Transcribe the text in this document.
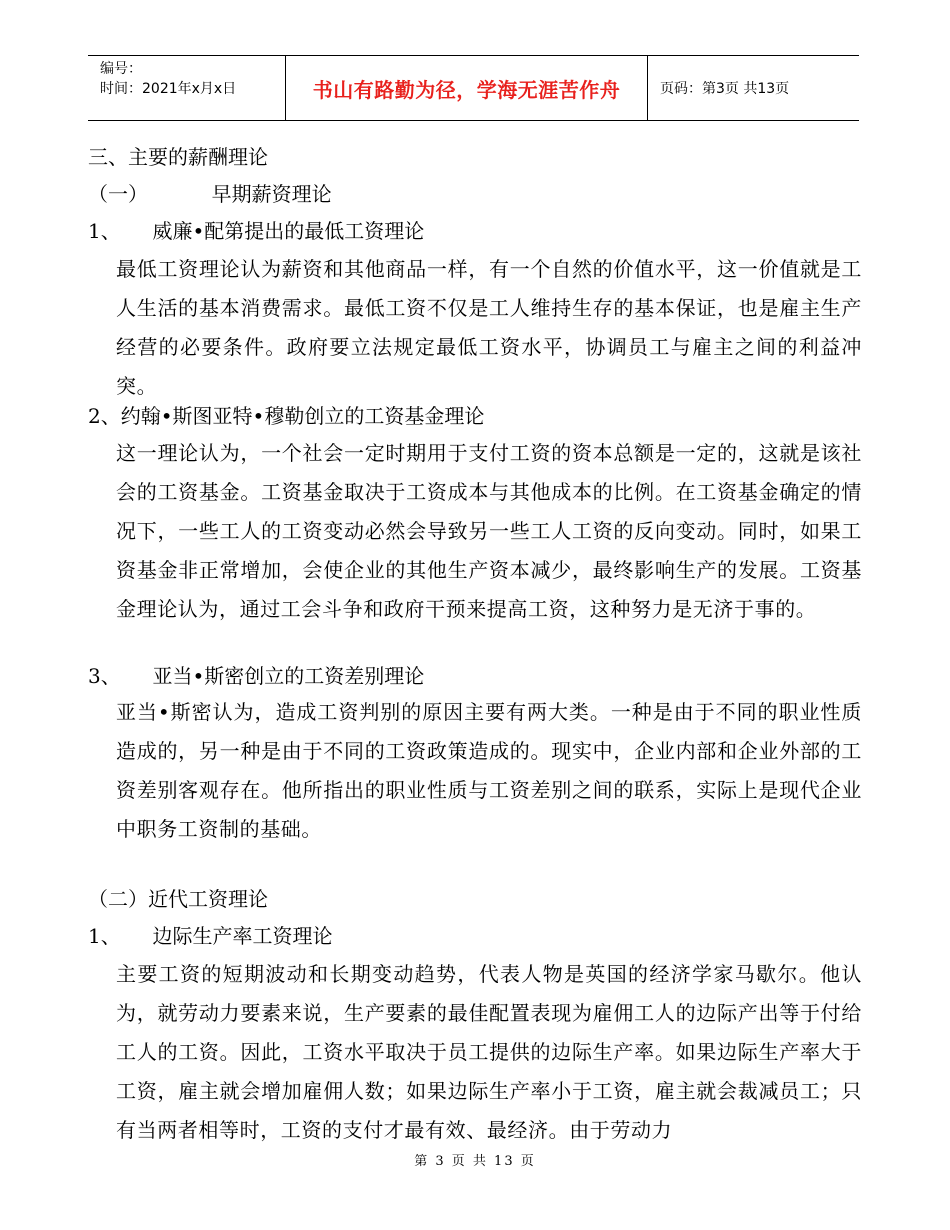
编号：
时间：2021年x月x日	书山有路勤为径，学海无涯苦作舟	页码：第3页 共13页
三、主要的薪酬理论
（一）          早期薪资理论
1、     威廉•配第提出的最低工资理论
最低工资理论认为薪资和其他商品一样，有一个自然的价值水平，这一价值就是工人生活的基本消费需求。最低工资不仅是工人维持生存的基本保证，也是雇主生产经营的必要条件。政府要立法规定最低工资水平，协调员工与雇主之间的利益冲突。
2、约翰•斯图亚特•穆勒创立的工资基金理论
这一理论认为，一个社会一定时期用于支付工资的资本总额是一定的，这就是该社会的工资基金。工资基金取决于工资成本与其他成本的比例。在工资基金确定的情况下，一些工人的工资变动必然会导致另一些工人工资的反向变动。同时，如果工资基金非正常增加，会使企业的其他生产资本减少，最终影响生产的发展。工资基金理论认为，通过工会斗争和政府干预来提高工资，这种努力是无济于事的。
3、     亚当•斯密创立的工资差别理论
亚当•斯密认为，造成工资判别的原因主要有两大类。一种是由于不同的职业性质造成的，另一种是由于不同的工资政策造成的。现实中，企业内部和企业外部的工资差别客观存在。他所指出的职业性质与工资差别之间的联系，实际上是现代企业中职务工资制的基础。
（二）近代工资理论
1、     边际生产率工资理论
主要工资的短期波动和长期变动趋势，代表人物是英国的经济学家马歇尔。他认为，就劳动力要素来说，生产要素的最佳配置表现为雇佣工人的边际产出等于付给工人的工资。因此，工资水平取决于员工提供的边际生产率。如果边际生产率大于工资，雇主就会增加雇佣人数；如果边际生产率小于工资，雇主就会裁减员工；只有当两者相等时，工资的支付才最有效、最经济。由于劳动力
第 3 页 共 13 页
